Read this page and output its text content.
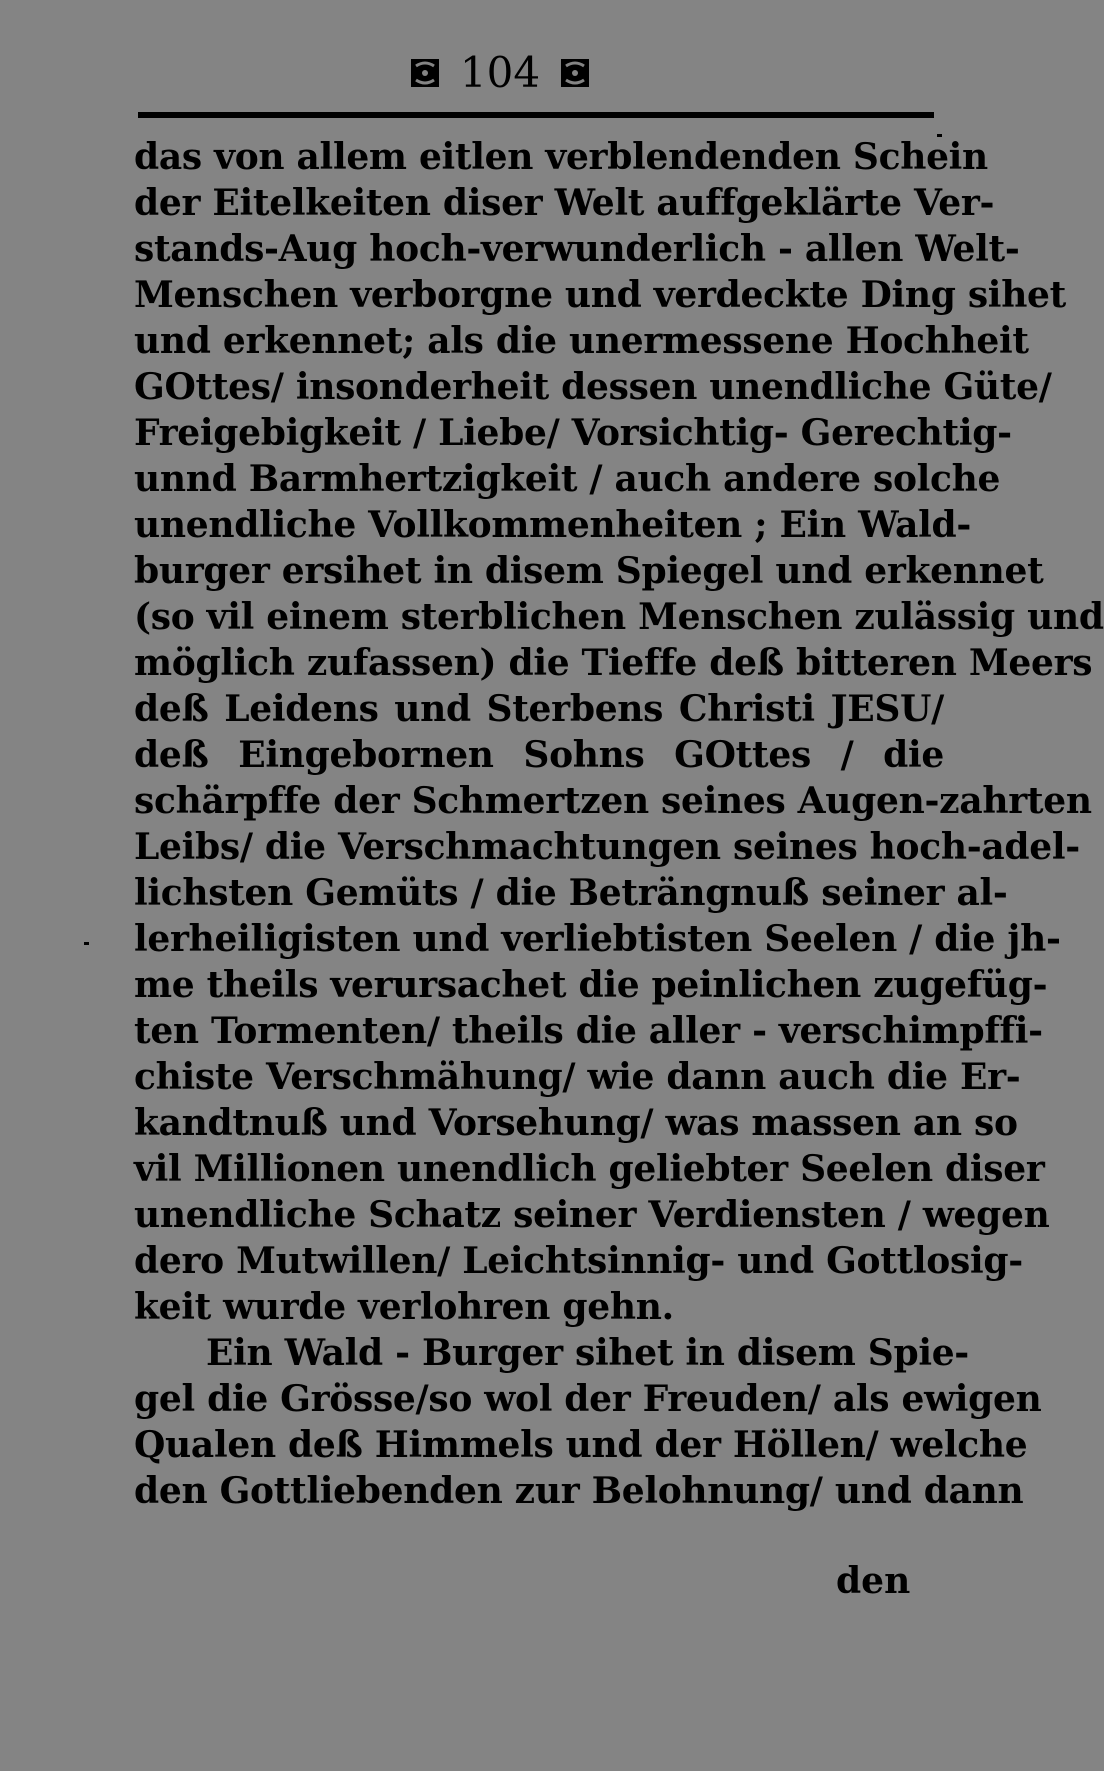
104
das von allem eitlen verblendenden Schein
der Eitelkeiten diser Welt auffgeklärte Ver-
stands-Aug hoch-verwunderlich - allen Welt-
Menschen verborgne und verdeckte Ding sihet
und erkennet; als die unermessene Hochheit
GOttes/ insonderheit dessen unendliche Güte/
Freigebigkeit / Liebe/ Vorsichtig- Gerechtig-
unnd Barmhertzigkeit / auch andere solche
unendliche Vollkommenheiten ; Ein Wald-
burger ersihet in disem Spiegel und erkennet
(so vil einem sterblichen Menschen zulässig und
möglich zufassen) die Tieffe deß bitteren Meers
deß Leidens und Sterbens Christi JESU/
deß Eingebornen Sohns GOttes / die
schärpffe der Schmertzen seines Augen-zahrten
Leibs/ die Verschmachtungen seines hoch-adel-
lichsten Gemüts / die Beträngnuß seiner al-
lerheiligisten und verliebtisten Seelen / die jh-
me theils verursachet die peinlichen zugefüg-
ten Tormenten/ theils die aller - verschimpffi-
chiste Verschmähung/ wie dann auch die Er-
kandtnuß und Vorsehung/ was massen an so
vil Millionen unendlich geliebter Seelen diser
unendliche Schatz seiner Verdiensten / wegen
dero Mutwillen/ Leichtsinnig- und Gottlosig-
keit wurde verlohren gehn.
Ein Wald - Burger sihet in disem Spie-
gel die Grösse/so wol der Freuden/ als ewigen
Qualen deß Himmels und der Höllen/ welche
den Gottliebenden zur Belohnung/ und dann
den
